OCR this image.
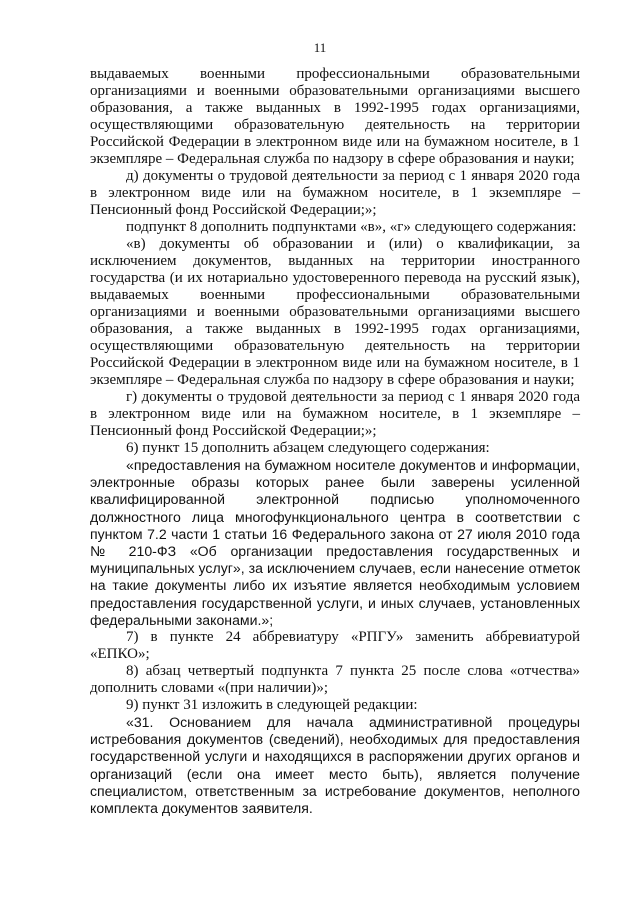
11

выдаваемых военными профессиональными образовательными организациями и военными образовательными организациями высшего образования, а также выданных в 1992-1995 годах организациями, осуществляющими образовательную деятельность на территории Российской Федерации в электронном виде или на бумажном носителе, в 1 экземпляре – Федеральная служба по надзору в сфере образования и науки;

д) документы о трудовой деятельности за период с 1 января 2020 года в электронном виде или на бумажном носителе, в 1 экземпляре – Пенсионный фонд Российской Федерации;»;

подпункт 8 дополнить подпунктами «в», «г» следующего содержания:

«в) документы об образовании и (или) о квалификации, за исключением документов, выданных на территории иностранного государства (и их нотариально удостоверенного перевода на русский язык), выдаваемых военными профессиональными образовательными организациями и военными образовательными организациями высшего образования, а также выданных в 1992-1995 годах организациями, осуществляющими образовательную деятельность на территории Российской Федерации в электронном виде или на бумажном носителе, в 1 экземпляре – Федеральная служба по надзору в сфере образования и науки;

г) документы о трудовой деятельности за период с 1 января 2020 года в электронном виде или на бумажном носителе, в 1 экземпляре – Пенсионный фонд Российской Федерации;»;

6) пункт 15 дополнить абзацем следующего содержания:

«предоставления на бумажном носителе документов и информации, электронные образы которых ранее были заверены усиленной квалифицированной электронной подписью уполномоченного должностного лица многофункционального центра в соответствии с пунктом 7.2 части 1 статьи 16 Федерального закона от 27 июля 2010 года № 210-ФЗ «Об организации предоставления государственных и муниципальных услуг», за исключением случаев, если нанесение отметок на такие документы либо их изъятие является необходимым условием предоставления государственной услуги, и иных случаев, установленных федеральными законами.»;

7) в пункте 24 аббревиатуру «РПГУ» заменить аббревиатурой «ЕПКО»;

8) абзац четвертый подпункта 7 пункта 25 после слова «отчества» дополнить словами «(при наличии)»;

9) пункт 31 изложить в следующей редакции:

«31. Основанием для начала административной процедуры истребования документов (сведений), необходимых для предоставления государственной услуги и находящихся в распоряжении других органов и организаций (если она имеет место быть), является получение специалистом, ответственным за истребование документов, неполного комплекта документов заявителя.
